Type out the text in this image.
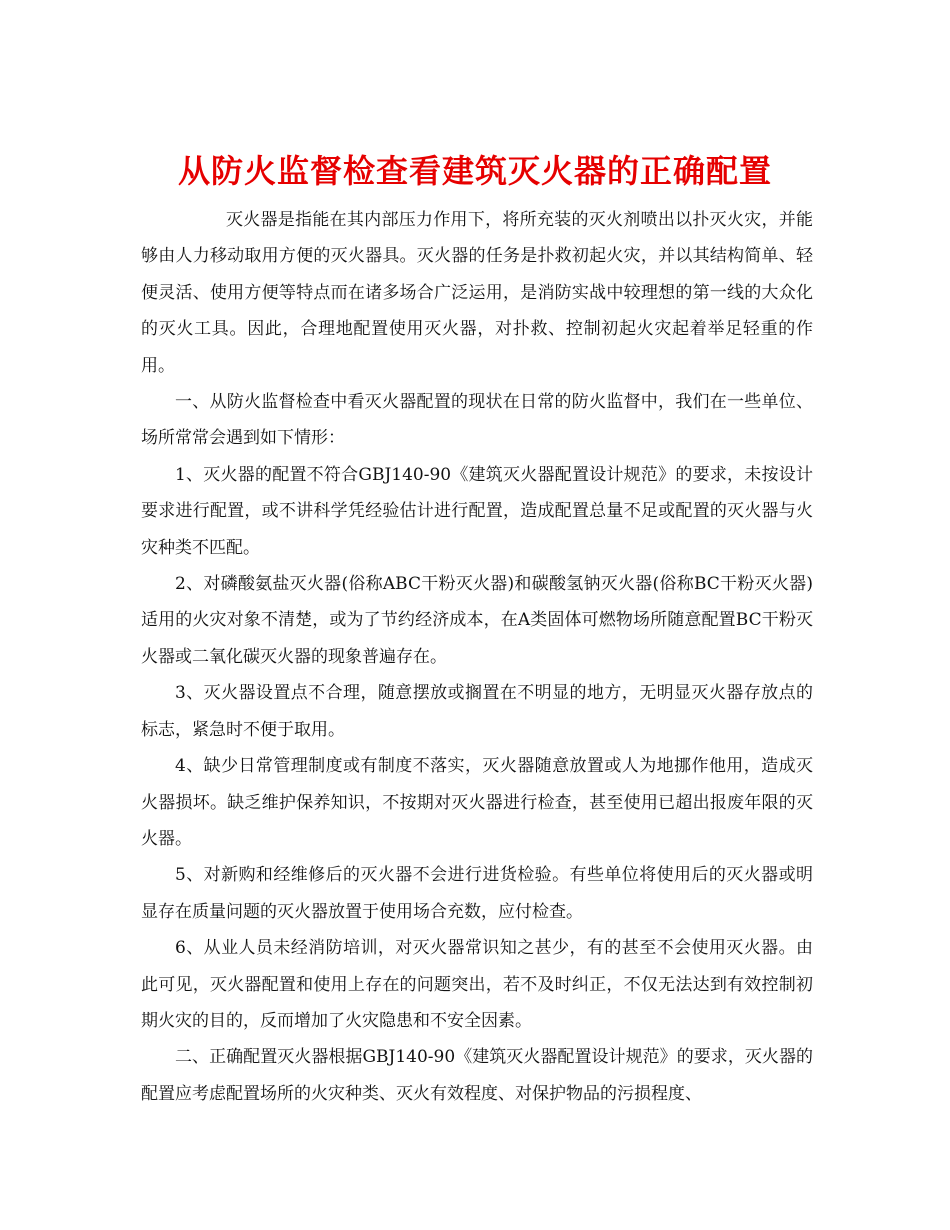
从防火监督检查看建筑灭火器的正确配置

灭火器是指能在其内部压力作用下，将所充装的灭火剂喷出以扑灭火灾，并能够由人力移动取用方便的灭火器具。灭火器的任务是扑救初起火灾，并以其结构简单、轻便灵活、使用方便等特点而在诸多场合广泛运用，是消防实战中较理想的第一线的大众化的灭火工具。因此，合理地配置使用灭火器，对扑救、控制初起火灾起着举足轻重的作用。

一、从防火监督检查中看灭火器配置的现状在日常的防火监督中，我们在一些单位、场所常常会遇到如下情形：

1、灭火器的配置不符合GBJ140-90《建筑灭火器配置设计规范》的要求，未按设计要求进行配置，或不讲科学凭经验估计进行配置，造成配置总量不足或配置的灭火器与火灾种类不匹配。

2、对磷酸氨盐灭火器(俗称ABC干粉灭火器)和碳酸氢钠灭火器(俗称BC干粉灭火器)适用的火灾对象不清楚，或为了节约经济成本，在A类固体可燃物场所随意配置BC干粉灭火器或二氧化碳灭火器的现象普遍存在。

3、灭火器设置点不合理，随意摆放或搁置在不明显的地方，无明显灭火器存放点的标志，紧急时不便于取用。

4、缺少日常管理制度或有制度不落实，灭火器随意放置或人为地挪作他用，造成灭火器损坏。缺乏维护保养知识，不按期对灭火器进行检查，甚至使用已超出报废年限的灭火器。

5、对新购和经维修后的灭火器不会进行进货检验。有些单位将使用后的灭火器或明显存在质量问题的灭火器放置于使用场合充数，应付检查。

6、从业人员未经消防培训，对灭火器常识知之甚少，有的甚至不会使用灭火器。由此可见，灭火器配置和使用上存在的问题突出，若不及时纠正，不仅无法达到有效控制初期火灾的目的，反而增加了火灾隐患和不安全因素。

二、正确配置灭火器根据GBJ140-90《建筑灭火器配置设计规范》的要求，灭火器的配置应考虑配置场所的火灾种类、灭火有效程度、对保护物品的污损程度、
